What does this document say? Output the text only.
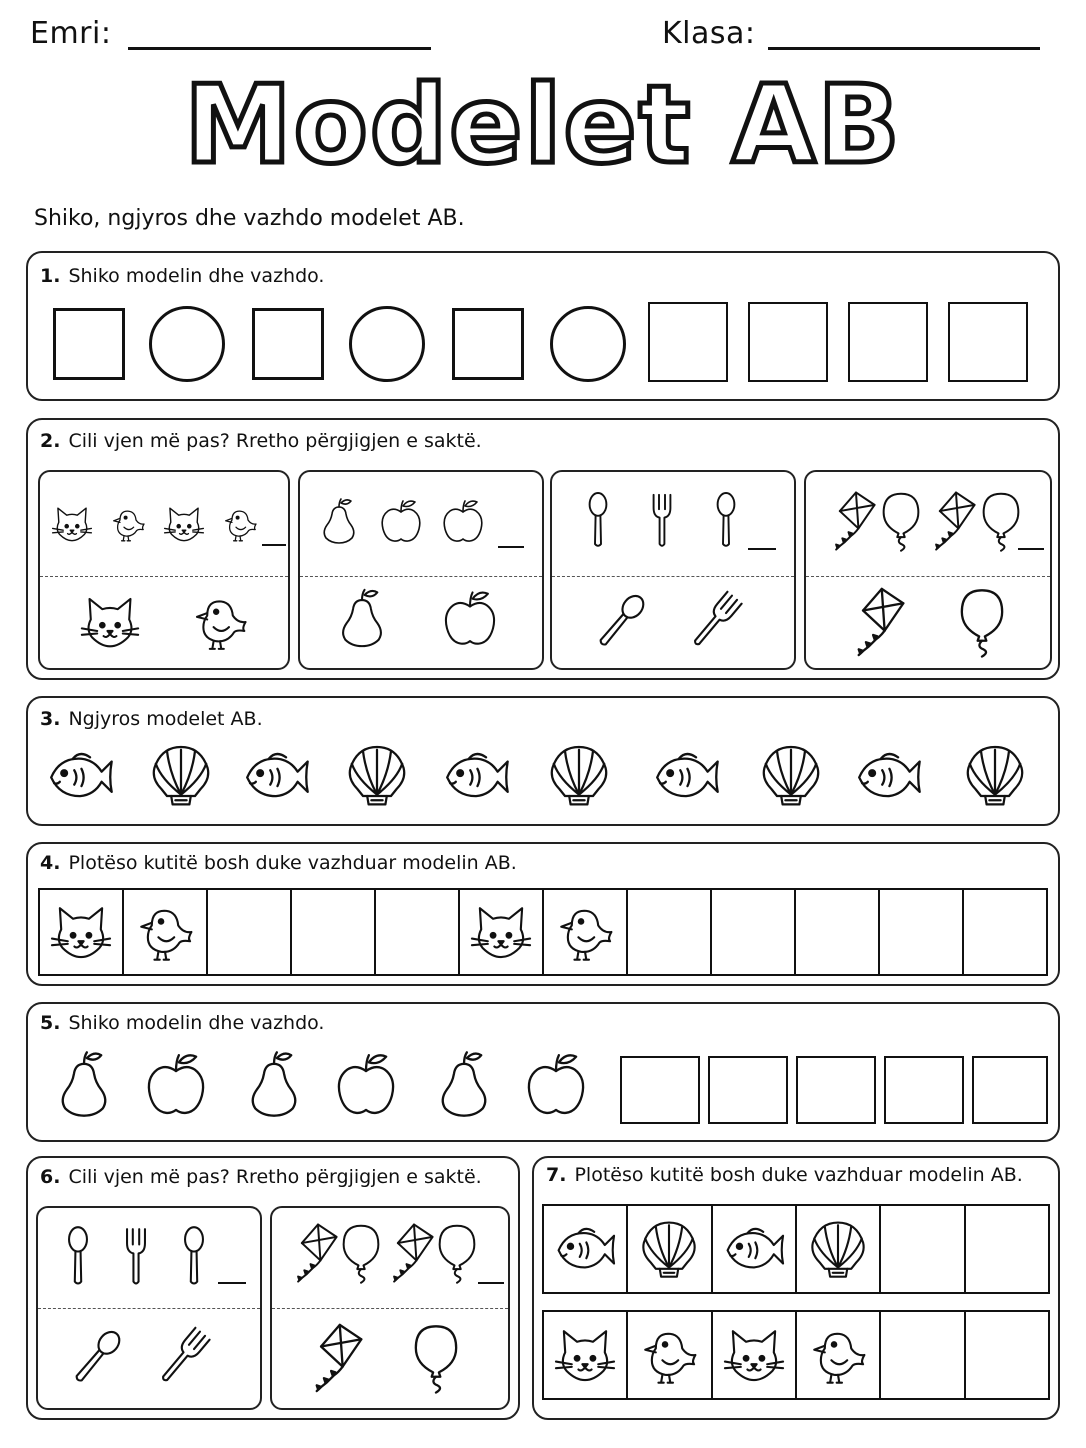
Emri:	Klasa:
Modelet AB
Shiko, ngjyros dhe vazhdo modelet AB.
1. Shiko modelin dhe vazhdo.
2. Cili vjen më pas? Rretho përgjigjen e saktë.
3. Ngjyros modelet AB.
4. Plotëso kutitë bosh duke vazhduar modelin AB.
5. Shiko modelin dhe vazhdo.
6. Cili vjen më pas? Rretho përgjigjen e saktë.	7. Plotëso kutitë bosh duke vazhduar modelin AB.
